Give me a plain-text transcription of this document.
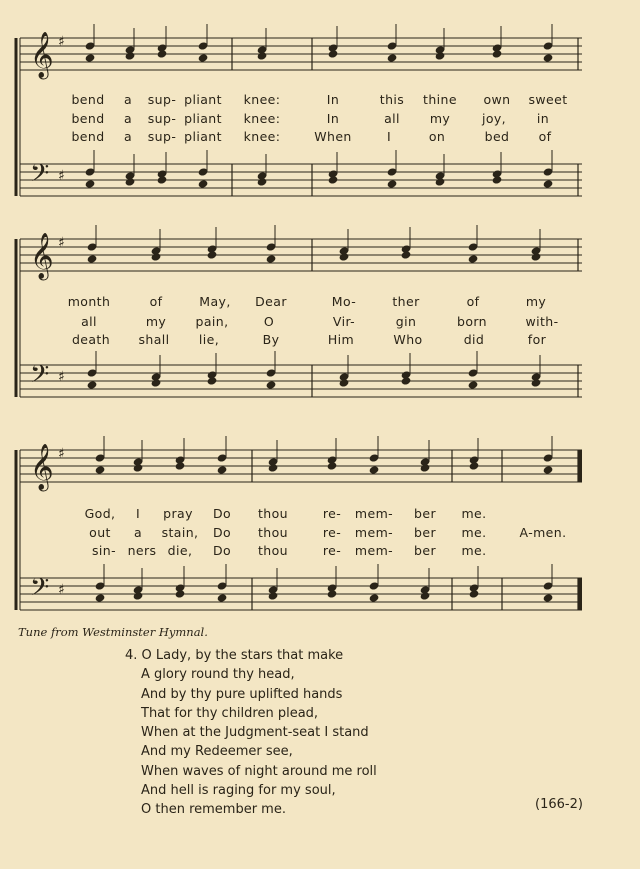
𝄞 ♯
𝄢 ♯
𝄞 ♯
𝄢 ♯
𝄞 ♯
𝄢 ♯
bend a sup- pliant knee:	In	this thine own sweet
bend a sup- pliant knee:	In	all my	joy, in
bend a sup- pliant knee:	When	I	on	bed of
month	of	May, Dear	Mo-	ther	of	my
all	my pain,	O	Vir-	gin	born	with-
death shall lie,	By	Him	Who	did	for
God, I pray Do thou	re- mem- ber me.
out a stain, Do thou	re- mem- ber me.	A-men.
sin- ners die, Do thou	re- mem- ber me.
Tune from Westminster Hymnal.
4. O Lady, by the stars that make
A glory round thy head,
And by thy pure uplifted hands
That for thy children plead,
When at the Judgment-seat I stand
And my Redeemer see,
When waves of night around me roll
And hell is raging for my soul,
O then remember me.	(166-2)
